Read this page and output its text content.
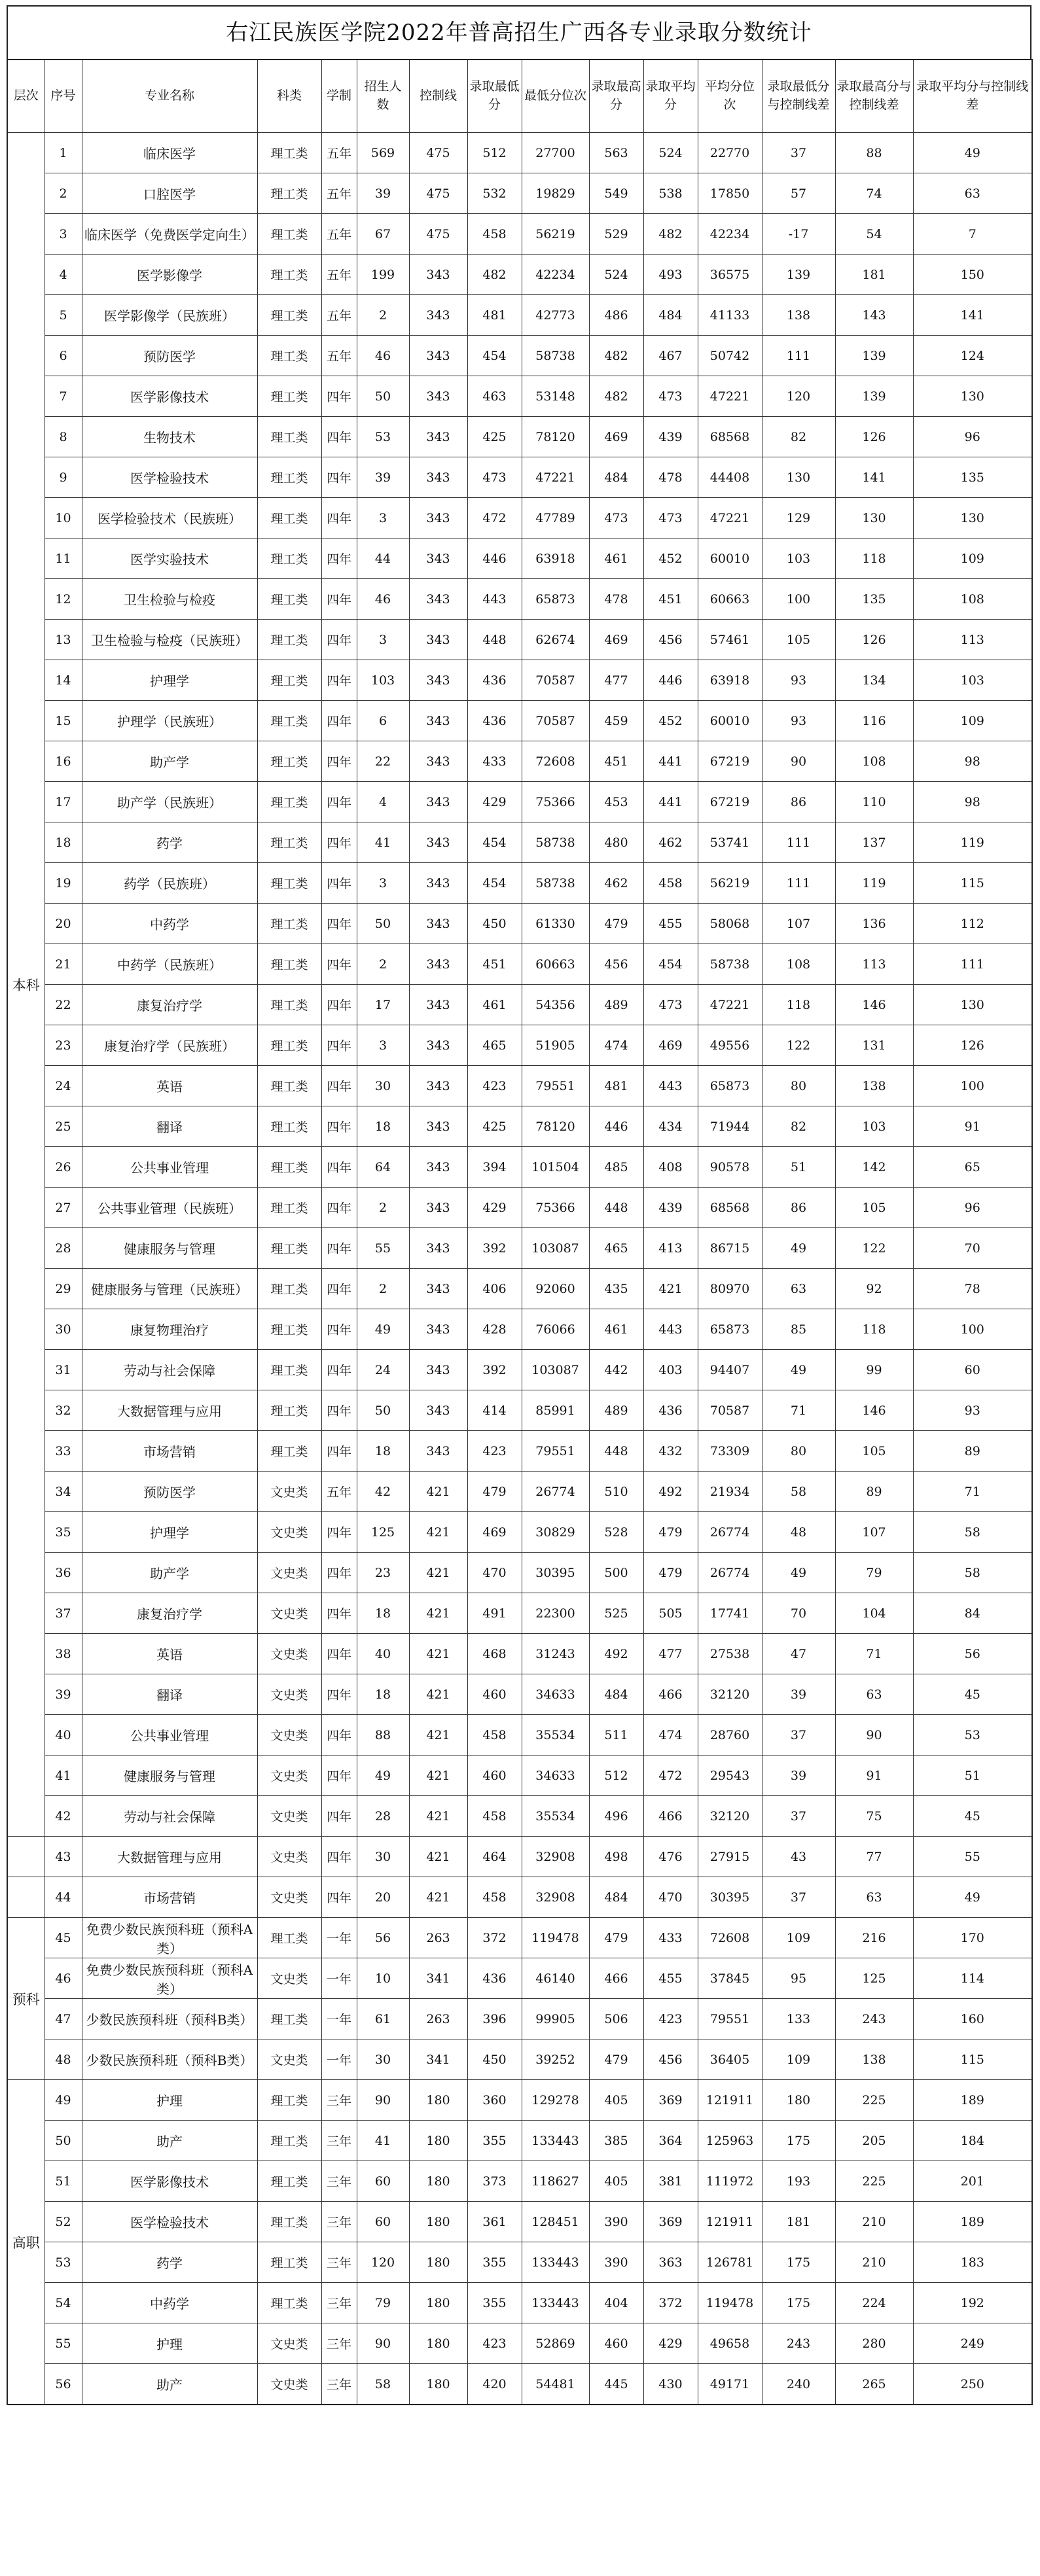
右江民族医学院2022年普高招生广西各专业录取分数统计
层次	序号	专业名称	科类	学制	招生人数	控制线	录取最低分	最低分位次	录取最高分	录取平均分	平均分位次	录取最低分与控制线差	录取最高分与控制线差	录取平均分与控制线差
本科	1	临床医学	理工类	五年	569	475	512	27700	563	524	22770	37	88	49
	2	口腔医学	理工类	五年	39	475	532	19829	549	538	17850	57	74	63
	3	临床医学（免费医学定向生）	理工类	五年	67	475	458	56219	529	482	42234	-17	54	7
	4	医学影像学	理工类	五年	199	343	482	42234	524	493	36575	139	181	150
	5	医学影像学（民族班）	理工类	五年	2	343	481	42773	486	484	41133	138	143	141
	6	预防医学	理工类	五年	46	343	454	58738	482	467	50742	111	139	124
	7	医学影像技术	理工类	四年	50	343	463	53148	482	473	47221	120	139	130
	8	生物技术	理工类	四年	53	343	425	78120	469	439	68568	82	126	96
	9	医学检验技术	理工类	四年	39	343	473	47221	484	478	44408	130	141	135
	10	医学检验技术（民族班）	理工类	四年	3	343	472	47789	473	473	47221	129	130	130
	11	医学实验技术	理工类	四年	44	343	446	63918	461	452	60010	103	118	109
	12	卫生检验与检疫	理工类	四年	46	343	443	65873	478	451	60663	100	135	108
	13	卫生检验与检疫（民族班）	理工类	四年	3	343	448	62674	469	456	57461	105	126	113
	14	护理学	理工类	四年	103	343	436	70587	477	446	63918	93	134	103
	15	护理学（民族班）	理工类	四年	6	343	436	70587	459	452	60010	93	116	109
	16	助产学	理工类	四年	22	343	433	72608	451	441	67219	90	108	98
	17	助产学（民族班）	理工类	四年	4	343	429	75366	453	441	67219	86	110	98
	18	药学	理工类	四年	41	343	454	58738	480	462	53741	111	137	119
	19	药学（民族班）	理工类	四年	3	343	454	58738	462	458	56219	111	119	115
	20	中药学	理工类	四年	50	343	450	61330	479	455	58068	107	136	112
	21	中药学（民族班）	理工类	四年	2	343	451	60663	456	454	58738	108	113	111
	22	康复治疗学	理工类	四年	17	343	461	54356	489	473	47221	118	146	130
	23	康复治疗学（民族班）	理工类	四年	3	343	465	51905	474	469	49556	122	131	126
	24	英语	理工类	四年	30	343	423	79551	481	443	65873	80	138	100
	25	翻译	理工类	四年	18	343	425	78120	446	434	71944	82	103	91
	26	公共事业管理	理工类	四年	64	343	394	101504	485	408	90578	51	142	65
	27	公共事业管理（民族班）	理工类	四年	2	343	429	75366	448	439	68568	86	105	96
	28	健康服务与管理	理工类	四年	55	343	392	103087	465	413	86715	49	122	70
	29	健康服务与管理（民族班）	理工类	四年	2	343	406	92060	435	421	80970	63	92	78
	30	康复物理治疗	理工类	四年	49	343	428	76066	461	443	65873	85	118	100
	31	劳动与社会保障	理工类	四年	24	343	392	103087	442	403	94407	49	99	60
	32	大数据管理与应用	理工类	四年	50	343	414	85991	489	436	70587	71	146	93
	33	市场营销	理工类	四年	18	343	423	79551	448	432	73309	80	105	89
	34	预防医学	文史类	五年	42	421	479	26774	510	492	21934	58	89	71
	35	护理学	文史类	四年	125	421	469	30829	528	479	26774	48	107	58
	36	助产学	文史类	四年	23	421	470	30395	500	479	26774	49	79	58
	37	康复治疗学	文史类	四年	18	421	491	22300	525	505	17741	70	104	84
	38	英语	文史类	四年	40	421	468	31243	492	477	27538	47	71	56
	39	翻译	文史类	四年	18	421	460	34633	484	466	32120	39	63	45
	40	公共事业管理	文史类	四年	88	421	458	35534	511	474	28760	37	90	53
	41	健康服务与管理	文史类	四年	49	421	460	34633	512	472	29543	39	91	51
	42	劳动与社会保障	文史类	四年	28	421	458	35534	496	466	32120	37	75	45
	43	大数据管理与应用	文史类	四年	30	421	464	32908	498	476	27915	43	77	55
	44	市场营销	文史类	四年	20	421	458	32908	484	470	30395	37	63	49
预科	45	免费少数民族预科班（预科A类）	理工类	一年	56	263	372	119478	479	433	72608	109	216	170
	46	免费少数民族预科班（预科A类）	文史类	一年	10	341	436	46140	466	455	37845	95	125	114
	47	少数民族预科班（预科B类）	理工类	一年	61	263	396	99905	506	423	79551	133	243	160
	48	少数民族预科班（预科B类）	文史类	一年	30	341	450	39252	479	456	36405	109	138	115
高职	49	护理	理工类	三年	90	180	360	129278	405	369	121911	180	225	189
	50	助产	理工类	三年	41	180	355	133443	385	364	125963	175	205	184
	51	医学影像技术	理工类	三年	60	180	373	118627	405	381	111972	193	225	201
	52	医学检验技术	理工类	三年	60	180	361	128451	390	369	121911	181	210	189
	53	药学	理工类	三年	120	180	355	133443	390	363	126781	175	210	183
	54	中药学	理工类	三年	79	180	355	133443	404	372	119478	175	224	192
	55	护理	文史类	三年	90	180	423	52869	460	429	49658	243	280	249
	56	助产	文史类	三年	58	180	420	54481	445	430	49171	240	265	250
